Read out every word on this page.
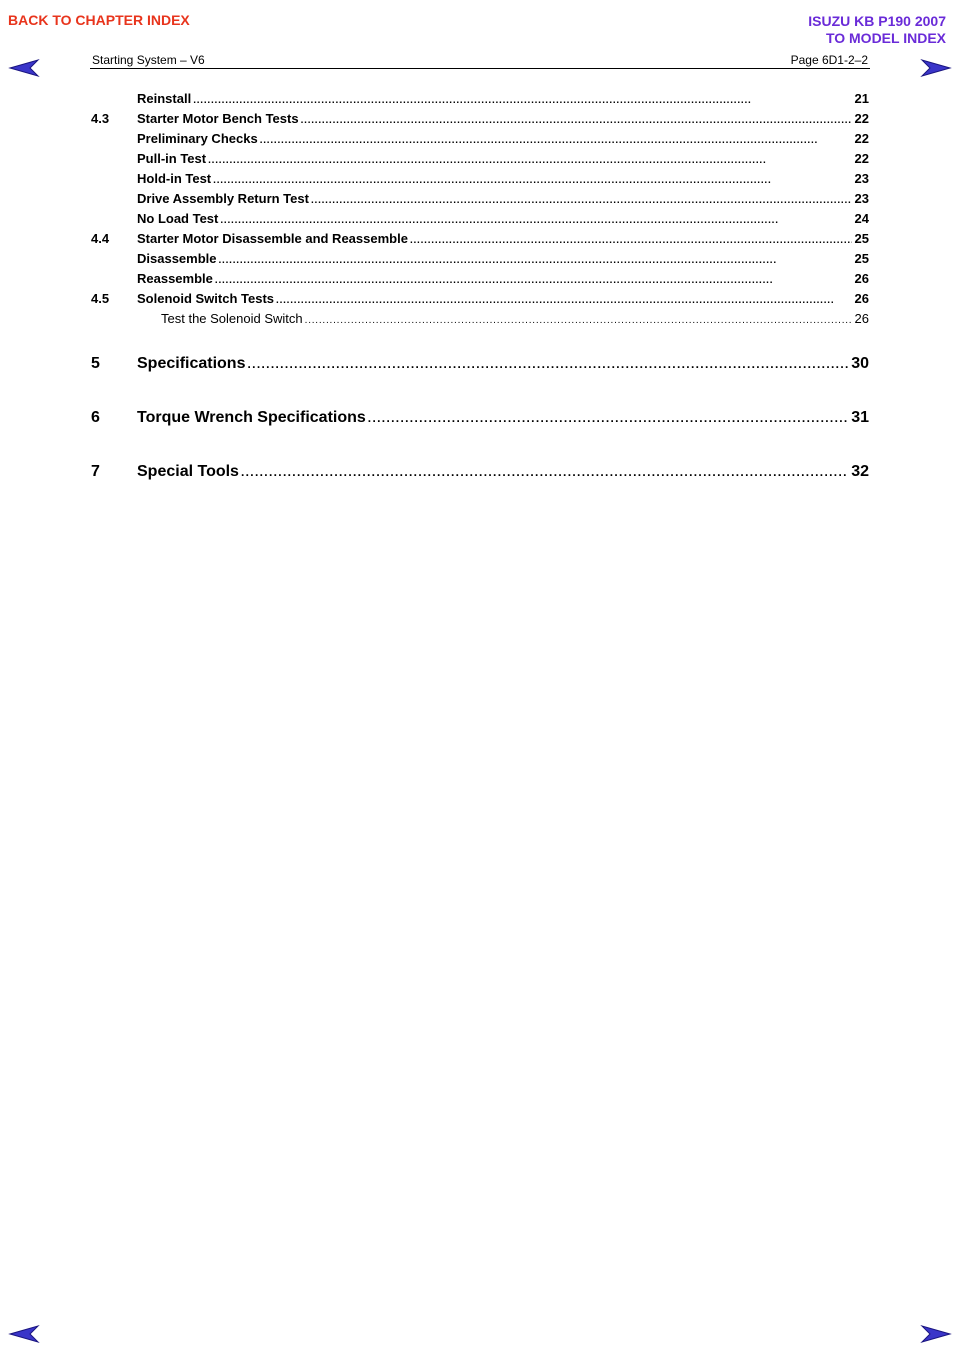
BACK TO CHAPTER INDEX	ISUZU KB P190 2007
TO MODEL INDEX
Starting System – V6	Page 6D1-2–2
Reinstall . . .	21
4.3	Starter Motor Bench Tests . . .	22
Preliminary Checks . . .	22
Pull-in Test . . .	22
Hold-in Test . . .	23
Drive Assembly Return Test . . .	23
No Load Test . . .	24
4.4	Starter Motor Disassemble and Reassemble . . .	25
Disassemble . . .	25
Reassemble . . .	26
4.5	Solenoid Switch Tests . . .	26
Test the Solenoid Switch . . .	26
5	Specifications . . .	30
6	Torque Wrench Specifications . . .	31
7	Special Tools . . .	32
